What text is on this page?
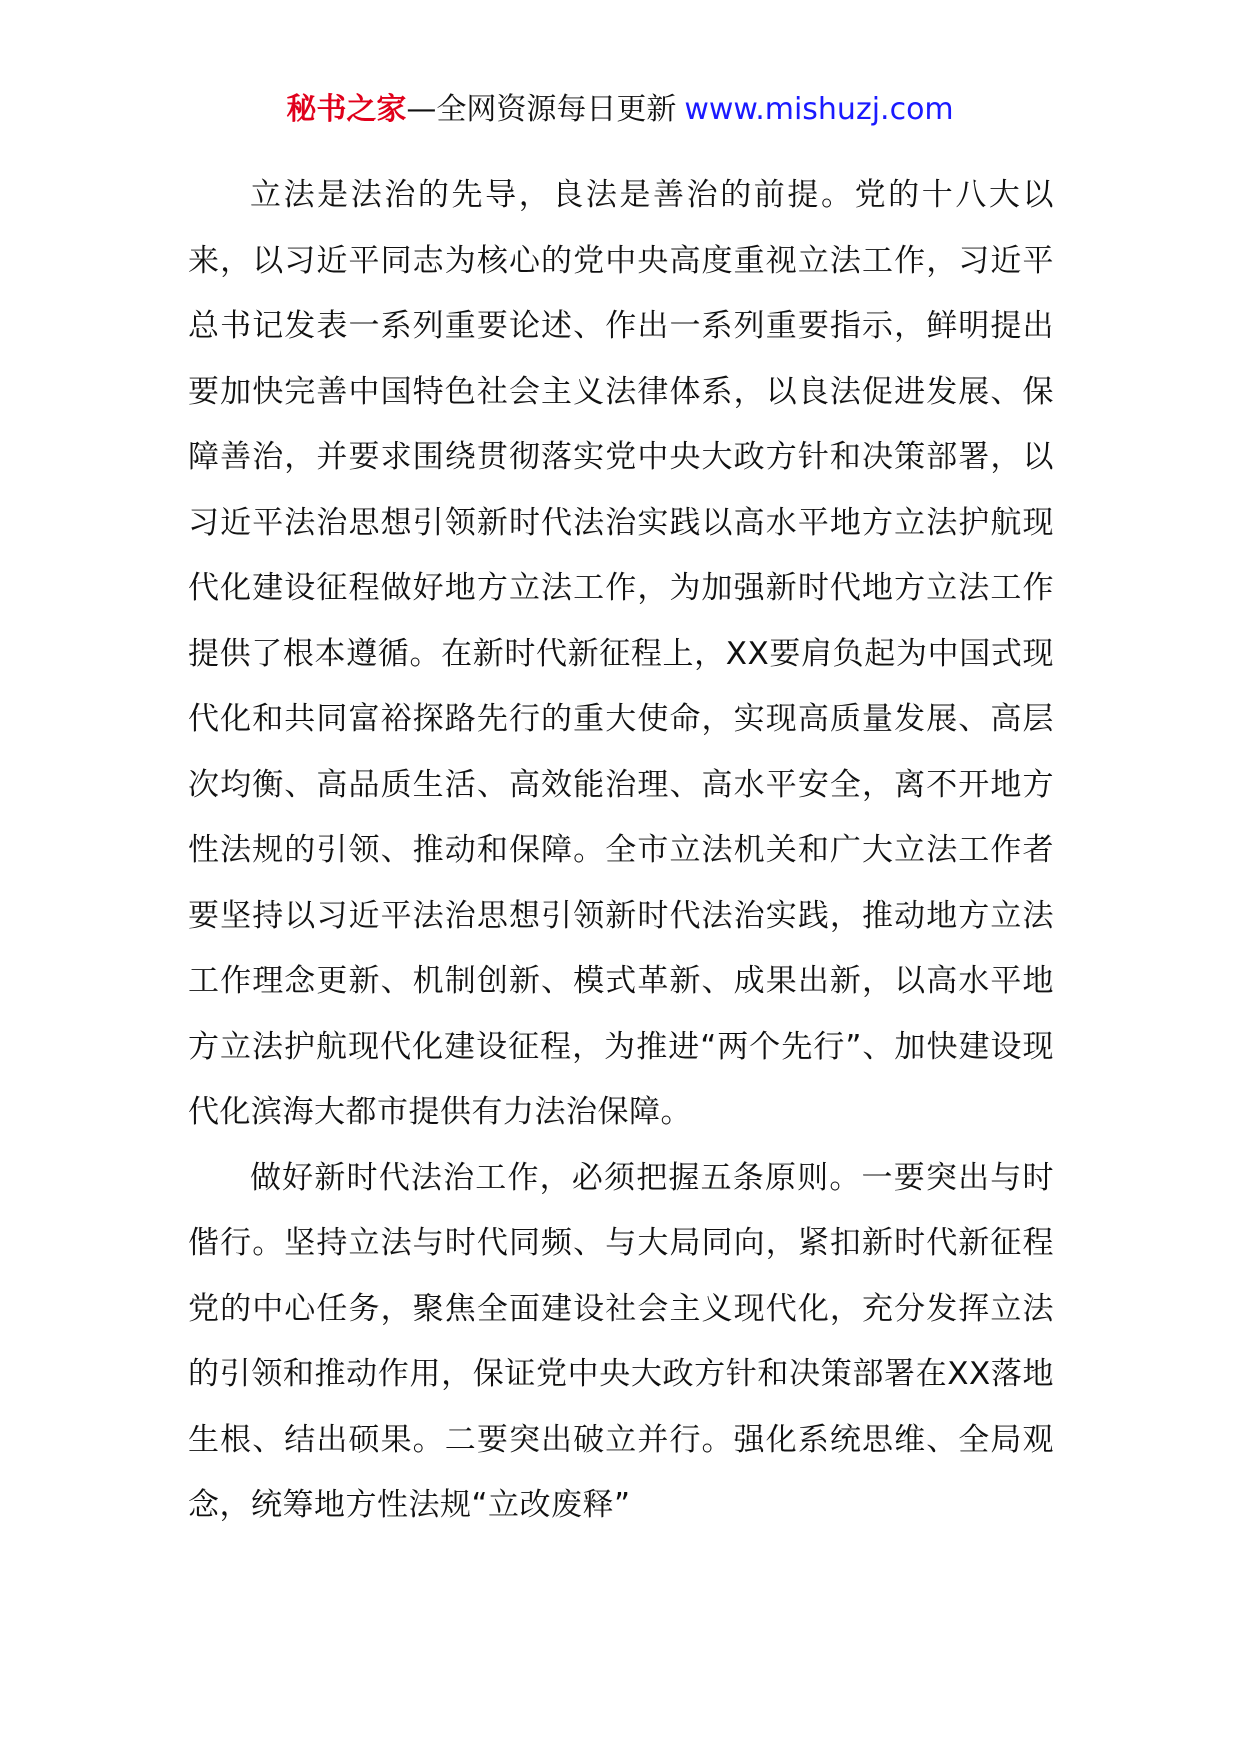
秘书之家—全网资源每日更新 www.mishuzj.com

立法是法治的先导，良法是善治的前提。党的十八大以来，以习近平同志为核心的党中央高度重视立法工作，习近平总书记发表一系列重要论述、作出一系列重要指示，鲜明提出要加快完善中国特色社会主义法律体系，以良法促进发展、保障善治，并要求围绕贯彻落实党中央大政方针和决策部署，以习近平法治思想引领新时代法治实践以高水平地方立法护航现代化建设征程做好地方立法工作，为加强新时代地方立法工作提供了根本遵循。在新时代新征程上，XX要肩负起为中国式现代化和共同富裕探路先行的重大使命，实现高质量发展、高层次均衡、高品质生活、高效能治理、高水平安全，离不开地方性法规的引领、推动和保障。全市立法机关和广大立法工作者要坚持以习近平法治思想引领新时代法治实践，推动地方立法工作理念更新、机制创新、模式革新、成果出新，以高水平地方立法护航现代化建设征程，为推进“两个先行”、加快建设现代化滨海大都市提供有力法治保障。

做好新时代法治工作，必须把握五条原则。一要突出与时偕行。坚持立法与时代同频、与大局同向，紧扣新时代新征程党的中心任务，聚焦全面建设社会主义现代化，充分发挥立法的引领和推动作用，保证党中央大政方针和决策部署在XX落地生根、结出硕果。二要突出破立并行。强化系统思维、全局观念，统筹地方性法规“立改废释”
